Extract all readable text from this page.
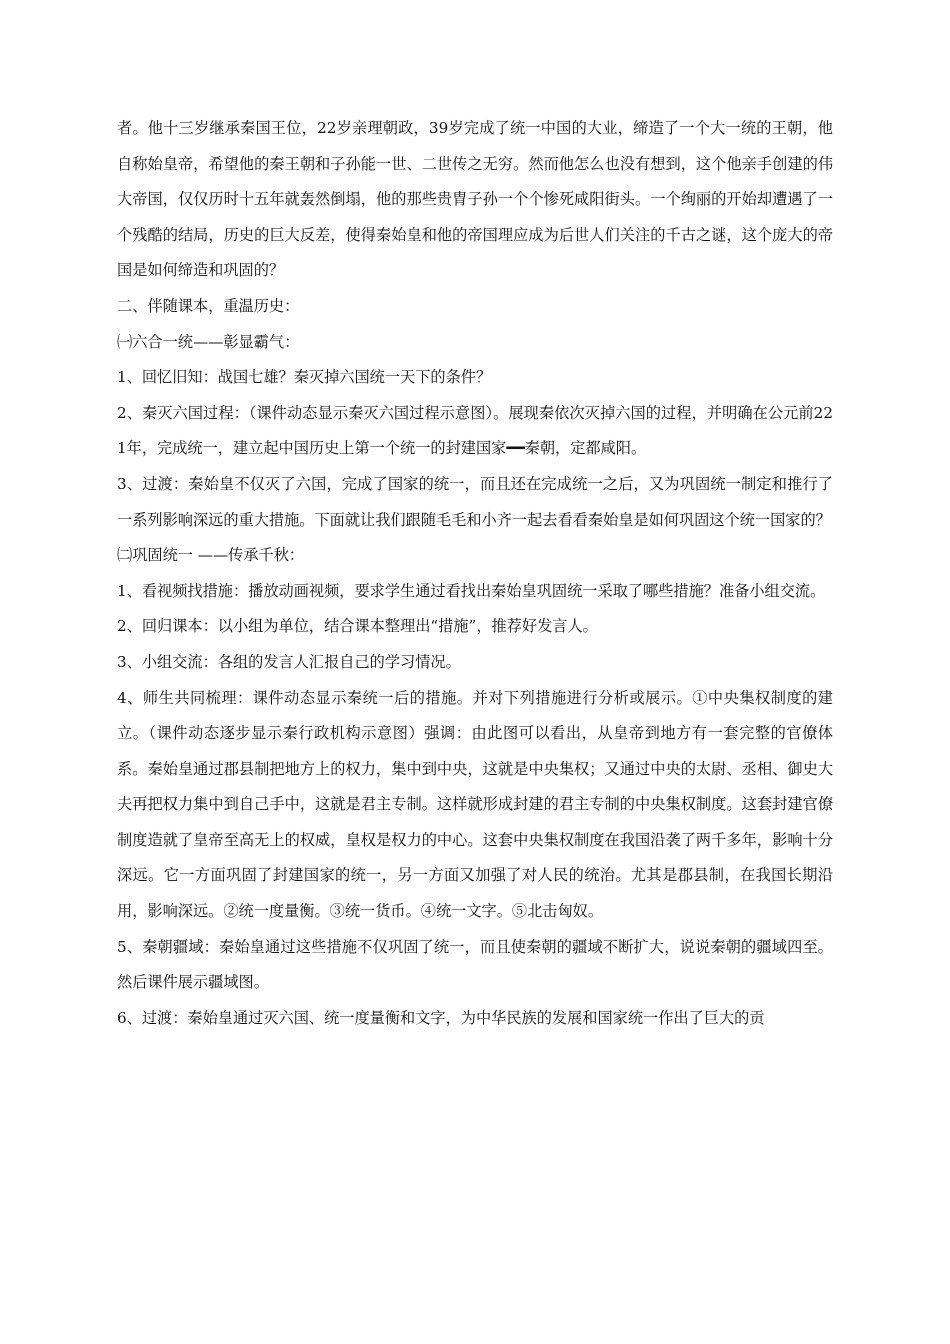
者。他十三岁继承秦国王位，22岁亲理朝政，39岁完成了统一中国的大业，缔造了一个大一统的王朝，他自称始皇帝，希望他的秦王朝和子孙能一世、二世传之无穷。然而他怎么也没有想到，这个他亲手创建的伟大帝国，仅仅历时十五年就轰然倒塌，他的那些贵胄子孙一个个惨死咸阳街头。一个绚丽的开始却遭遇了一个残酷的结局，历史的巨大反差，使得秦始皇和他的帝国理应成为后世人们关注的千古之谜，这个庞大的帝国是如何缔造和巩固的？

二、伴随课本，重温历史：

㈠六合一统——彰显霸气：

1、回忆旧知：战国七雄？秦灭掉六国统一天下的条件？

2、秦灭六国过程：（课件动态显示秦灭六国过程示意图）。展现秦依次灭掉六国的过程，并明确在公元前221年，完成统一，建立起中国历史上第一个统一的封建国家━━秦朝，定都咸阳。

3、过渡：秦始皇不仅灭了六国，完成了国家的统一，而且还在完成统一之后，又为巩固统一制定和推行了一系列影响深远的重大措施。下面就让我们跟随毛毛和小齐一起去看看秦始皇是如何巩固这个统一国家的？

㈡巩固统一 ——传承千秋：

1、看视频找措施：播放动画视频，要求学生通过看找出秦始皇巩固统一采取了哪些措施？准备小组交流。

2、回归课本：以小组为单位，结合课本整理出“措施”，推荐好发言人。

3、小组交流：各组的发言人汇报自己的学习情况。

4、师生共同梳理：课件动态显示秦统一后的措施。并对下列措施进行分析或展示。①中央集权制度的建立。（课件动态逐步显示秦行政机构示意图）强调：由此图可以看出，从皇帝到地方有一套完整的官僚体系。秦始皇通过郡县制把地方上的权力，集中到中央，这就是中央集权；又通过中央的太尉、丞相、御史大夫再把权力集中到自己手中，这就是君主专制。这样就形成封建的君主专制的中央集权制度。这套封建官僚制度造就了皇帝至高无上的权威，皇权是权力的中心。这套中央集权制度在我国沿袭了两千多年，影响十分深远。它一方面巩固了封建国家的统一，另一方面又加强了对人民的统治。尤其是郡县制，在我国长期沿用，影响深远。②统一度量衡。③统一货币。④统一文字。⑤北击匈奴。

5、秦朝疆域：秦始皇通过这些措施不仅巩固了统一，而且使秦朝的疆域不断扩大，说说秦朝的疆域四至。然后课件展示疆域图。

6、过渡：秦始皇通过灭六国、统一度量衡和文字，为中华民族的发展和国家统一作出了巨大的贡
